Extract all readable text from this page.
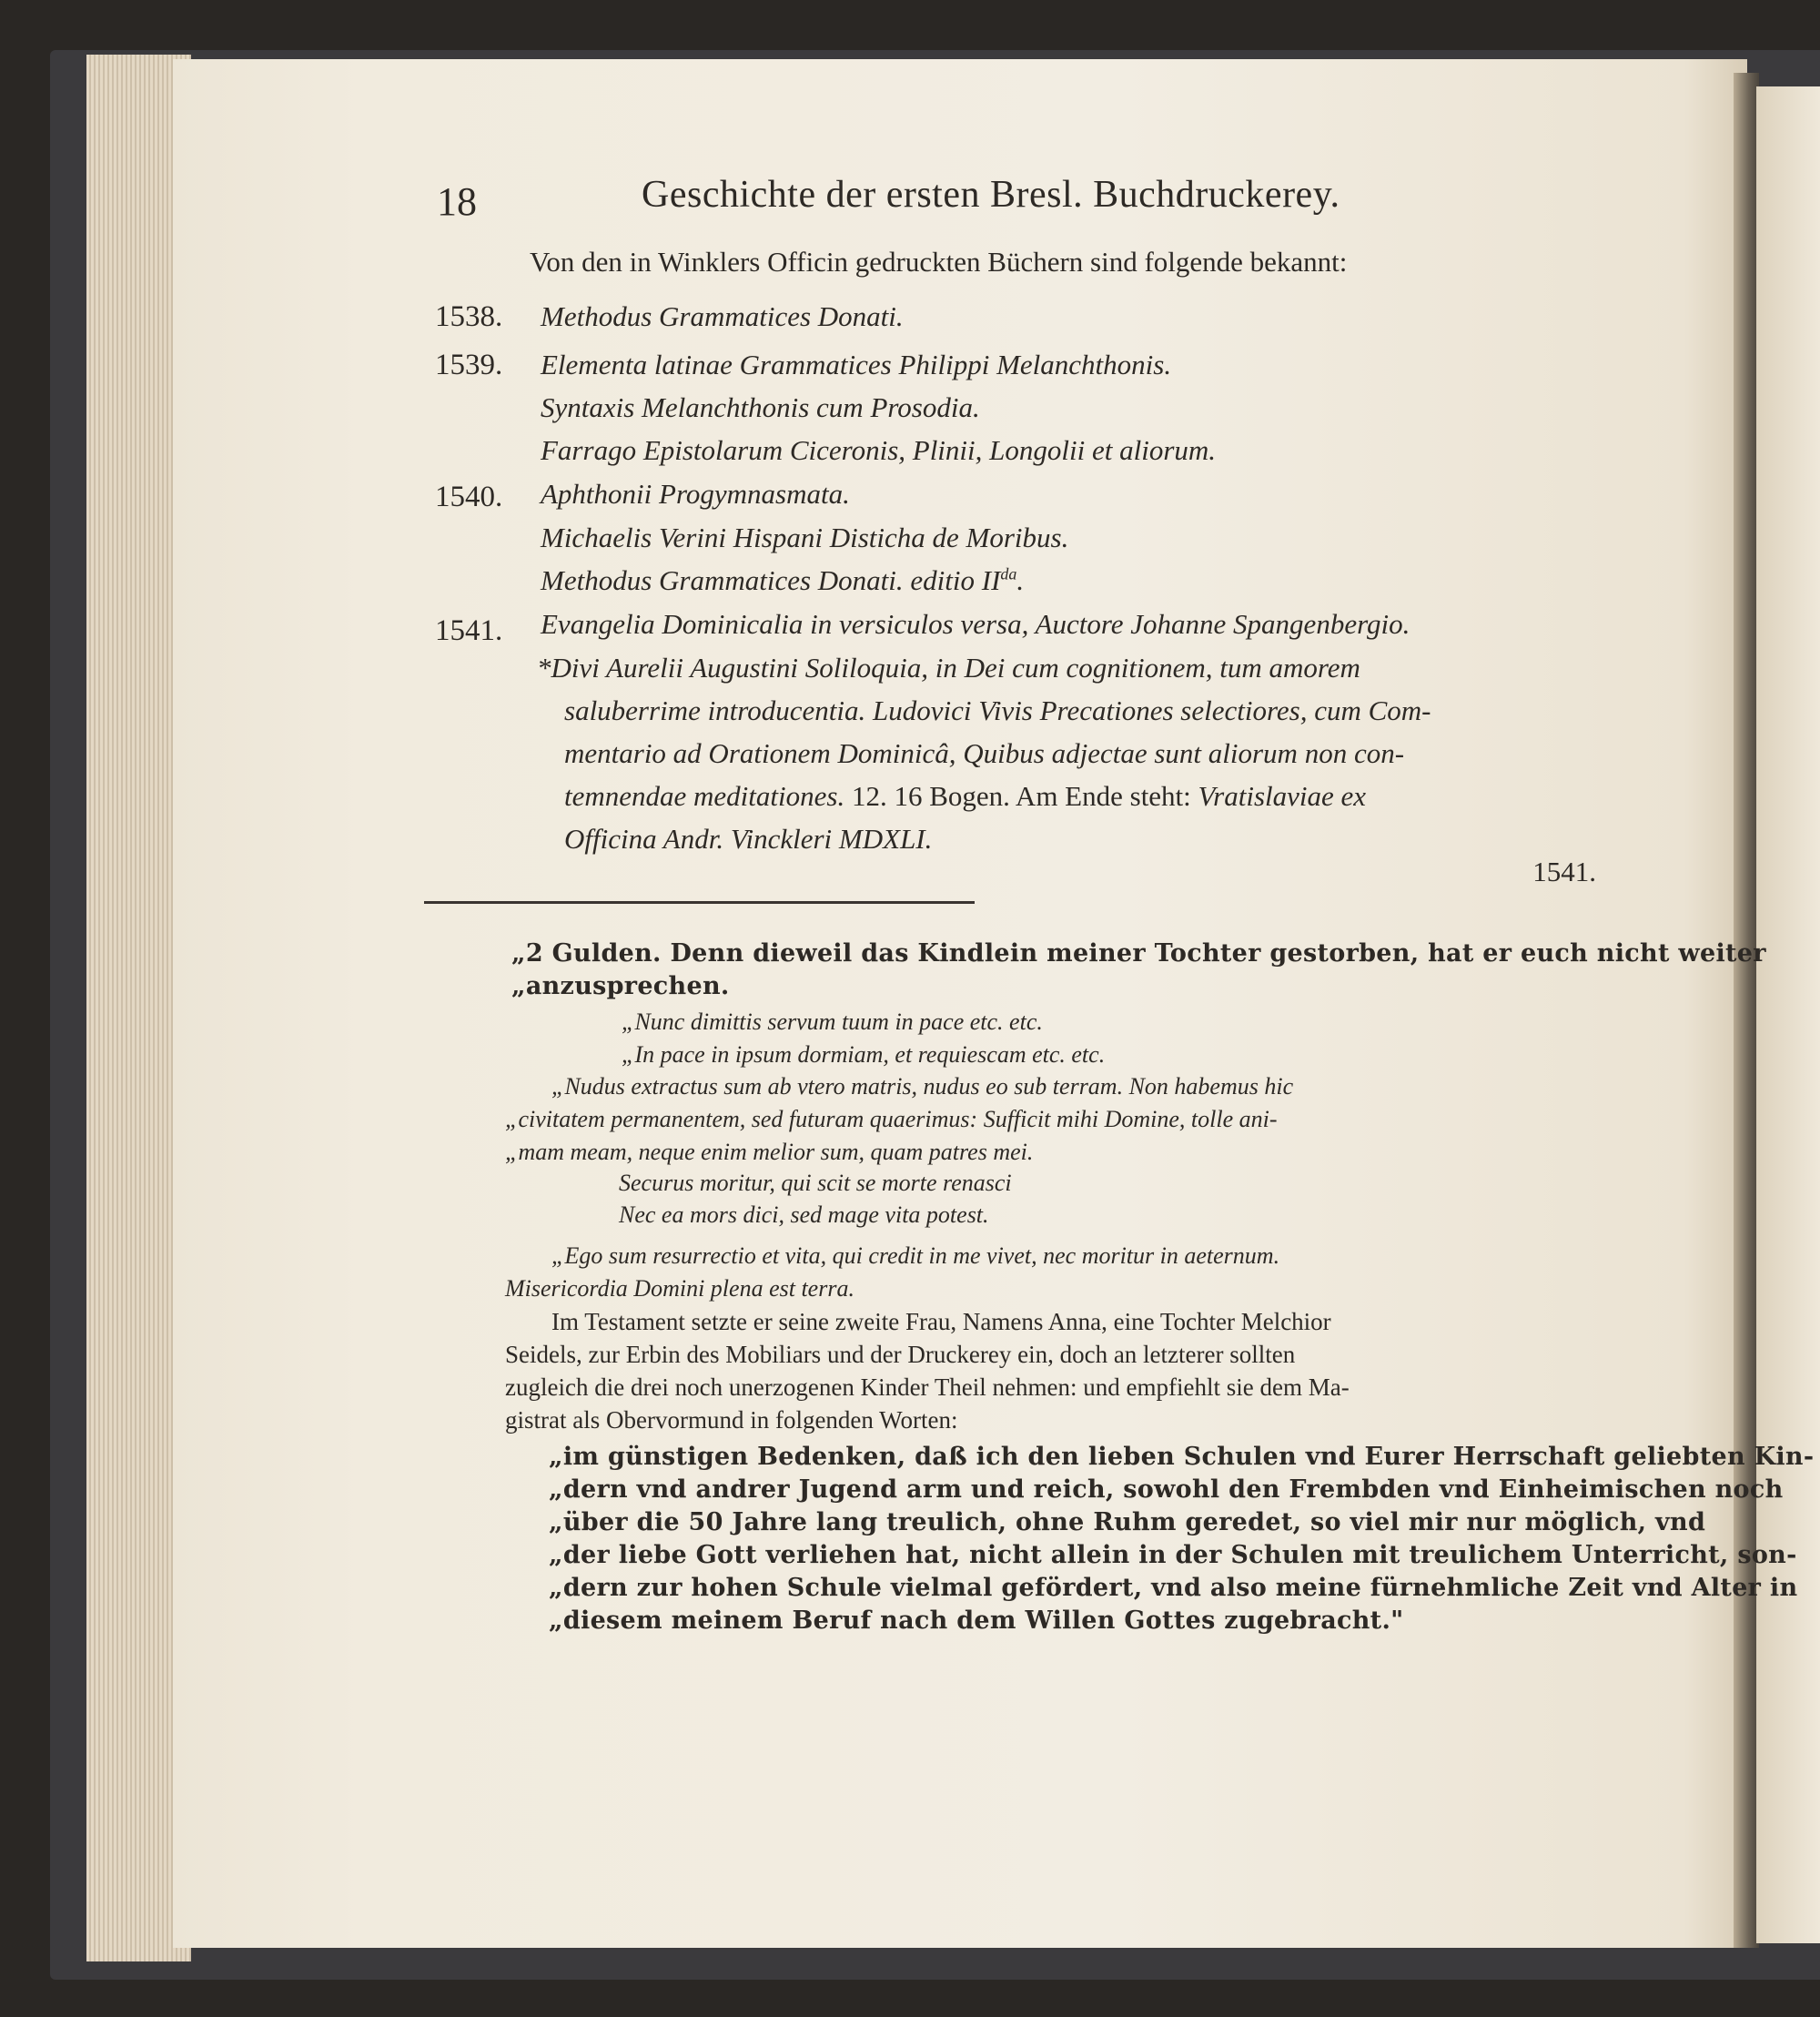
18	Geschichte der ersten Bresl. Buchdruckerey.
Von den in Winklers Officin gedruckten Büchern sind folgende bekannt:
1538. Methodus Grammatices Donati.
1539. Elementa latinae Grammatices Philippi Melanchthonis.
Syntaxis Melanchthonis cum Prosodia.
Farrago Epistolarum Ciceronis, Plinii, Longolii et aliorum.
1540. Aphthonii Progymnasmata.
Michaelis Verini Hispani Disticha de Moribus.
Methodus Grammatices Donati. editio $II^{da}$.
1541. Evangelia Dominicalia in versiculos versa, Auctore Johanne Spangenbergio.
*Divi Aurelii Augustini Soliloquia, in Dei cum cognitionem, tum amorem
saluberrime introducentia. Ludovici Vivis Precationes selectiores, cum Com-
mentario ad Orationem Dominicâ, Quibus adjectae sunt aliorum non con-
temnendae meditationes. 12. 16 Bogen. Am Ende steht: Vratislaviae ex
Officina Andr. Vinckleri MDXLI.
1541.
„2 Gulden. Denn dieweil das Kindlein meiner Tochter gestorben, hat er euch nicht weiter
„anzusprechen.
„Nunc dimittis servum tuum in pace etc. etc.
„In pace in ipsum dormiam, et requiescam etc. etc.
„Nudus extractus sum ab vtero matris, nudus eo sub terram. Non habemus hic
„civitatem permanentem, sed futuram quaerimus: Sufficit mihi Domine, tolle ani-
„mam meam, neque enim melior sum, quam patres mei.
Securus moritur, qui scit se morte renasci
Nec ea mors dici, sed mage vita potest.
„Ego sum resurrectio et vita, qui credit in me vivet, nec moritur in aeternum.
Misericordia Domini plena est terra.
Im Testament setzte er seine zweite Frau, Namens Anna, eine Tochter Melchior
Seidels, zur Erbin des Mobiliars und der Druckerey ein, doch an letzterer sollten
zugleich die drei noch unerzogenen Kinder Theil nehmen: und empfiehlt sie dem Ma-
gistrat als Obervormund in folgenden Worten:
„im günstigen Bedenken, daß ich den lieben Schulen vnd Eurer Herrschaft geliebten Kin-
„dern vnd andrer Jugend arm und reich, sowohl den Frembden vnd Einheimischen noch
„über die 50 Jahre lang treulich, ohne Ruhm geredet, so viel mir nur möglich, vnd
„der liebe Gott verliehen hat, nicht allein in der Schulen mit treulichem Unterricht, son-
„dern zur hohen Schule vielmal gefördert, vnd also meine fürnehmliche Zeit vnd Alter in
„diesem meinem Beruf nach dem Willen Gottes zugebracht."
